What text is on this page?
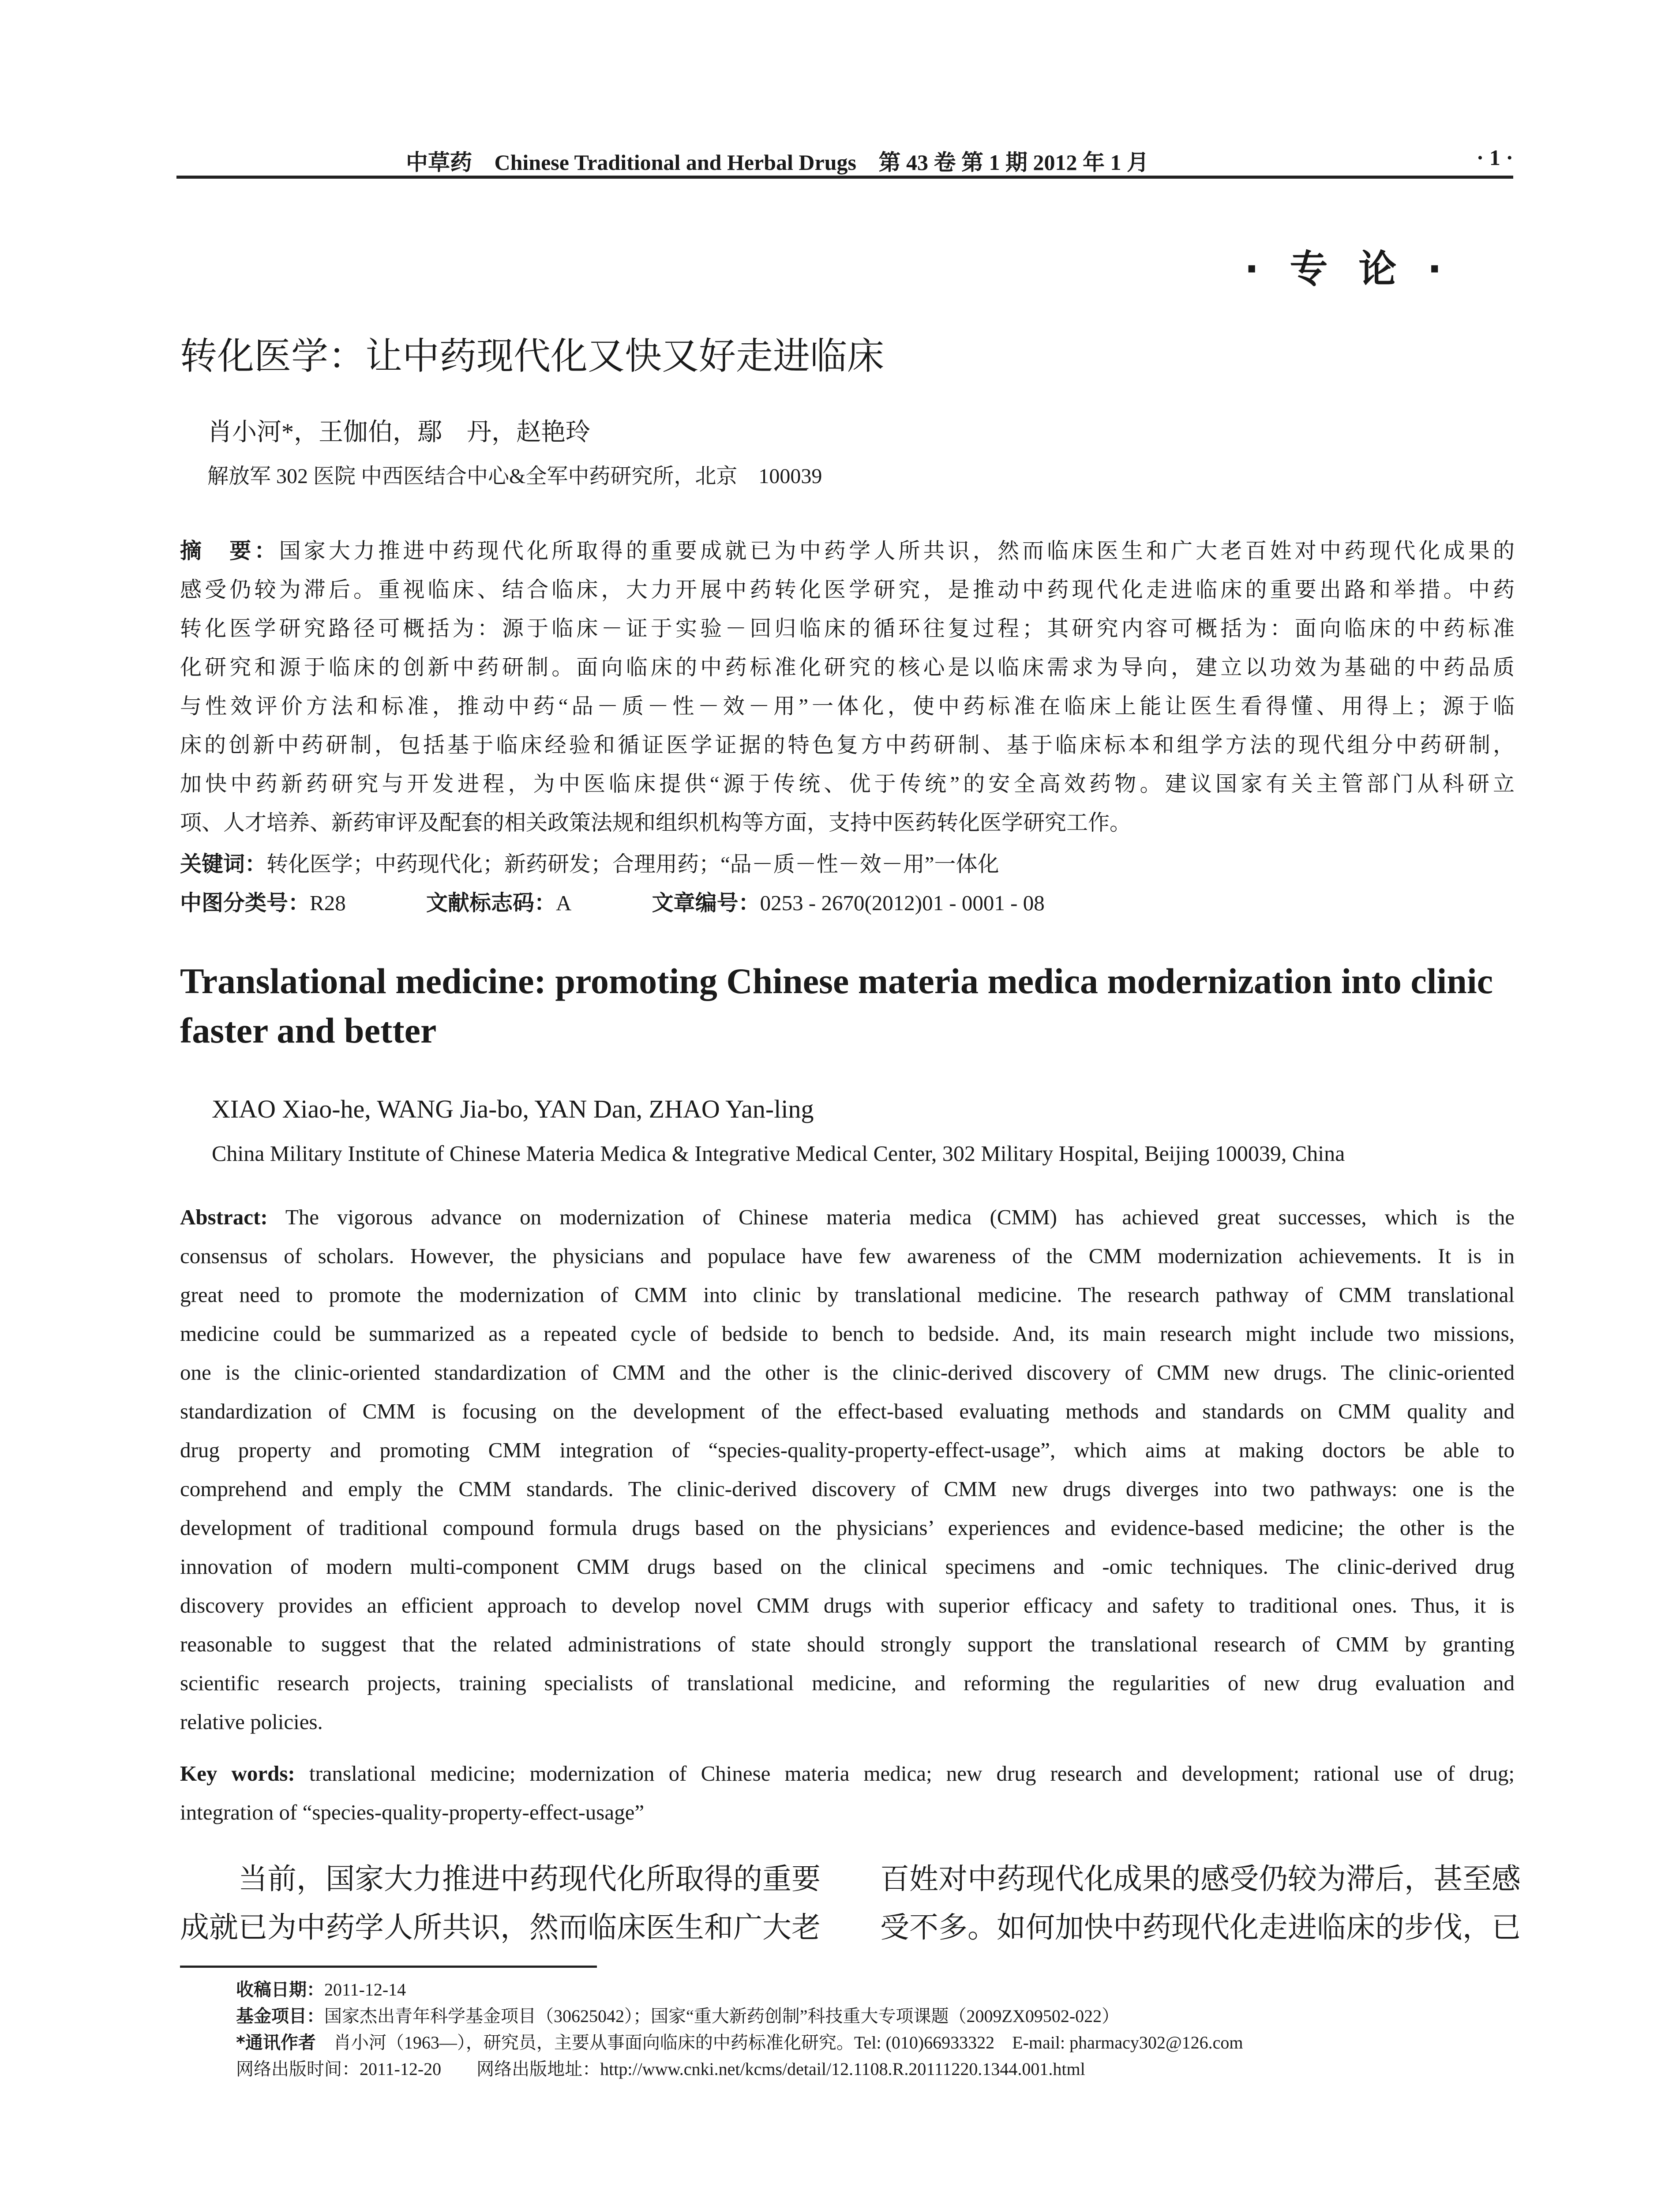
中草药 Chinese Traditional and Herbal Drugs 第 43 卷 第 1 期 2012 年 1 月	· 1 ·
· 专 论 ·
转化医学：让中药现代化又快又好走进临床
肖小河*，王伽伯，鄢　丹，赵艳玲
解放军 302 医院 中西医结合中心&全军中药研究所，北京　100039
摘　要：国家大力推进中药现代化所取得的重要成就已为中药学人所共识，然而临床医生和广大老百姓对中药现代化成果的
感受仍较为滞后。重视临床、结合临床，大力开展中药转化医学研究，是推动中药现代化走进临床的重要出路和举措。中药
转化医学研究路径可概括为：源于临床－证于实验－回归临床的循环往复过程；其研究内容可概括为：面向临床的中药标准
化研究和源于临床的创新中药研制。面向临床的中药标准化研究的核心是以临床需求为导向，建立以功效为基础的中药品质
与性效评价方法和标准，推动中药“品－质－性－效－用”一体化，使中药标准在临床上能让医生看得懂、用得上；源于临
床的创新中药研制，包括基于临床经验和循证医学证据的特色复方中药研制、基于临床标本和组学方法的现代组分中药研制，
加快中药新药研究与开发进程，为中医临床提供“源于传统、优于传统”的安全高效药物。建议国家有关主管部门从科研立
项、人才培养、新药审评及配套的相关政策法规和组织机构等方面，支持中医药转化医学研究工作。
关键词：转化医学；中药现代化；新药研发；合理用药；“品－质－性－效－用”一体化
中图分类号：R28	文献标志码：A	文章编号：0253 - 2670(2012)01 - 0001 - 08
Translational medicine: promoting Chinese materia medica modernization into clinic faster and better
XIAO Xiao-he, WANG Jia-bo, YAN Dan, ZHAO Yan-ling
China Military Institute of Chinese Materia Medica & Integrative Medical Center, 302 Military Hospital, Beijing 100039, China
Abstract: The vigorous advance on modernization of Chinese materia medica (CMM) has achieved great successes, which is the
consensus of scholars. However, the physicians and populace have few awareness of the CMM modernization achievements. It is in
great need to promote the modernization of CMM into clinic by translational medicine. The research pathway of CMM translational
medicine could be summarized as a repeated cycle of bedside to bench to bedside. And, its main research might include two missions,
one is the clinic-oriented standardization of CMM and the other is the clinic-derived discovery of CMM new drugs. The clinic-oriented
standardization of CMM is focusing on the development of the effect-based evaluating methods and standards on CMM quality and
drug property and promoting CMM integration of “species-quality-property-effect-usage”, which aims at making doctors be able to
comprehend and emply the CMM standards. The clinic-derived discovery of CMM new drugs diverges into two pathways: one is the
development of traditional compound formula drugs based on the physicians’ experiences and evidence-based medicine; the other is the
innovation of modern multi-component CMM drugs based on the clinical specimens and -omic techniques. The clinic-derived drug
discovery provides an efficient approach to develop novel CMM drugs with superior efficacy and safety to traditional ones. Thus, it is
reasonable to suggest that the related administrations of state should strongly support the translational research of CMM by granting
scientific research projects, training specialists of translational medicine, and reforming the regularities of new drug evaluation and
relative policies.
Key words: translational medicine; modernization of Chinese materia medica; new drug research and development; rational use of drug;
integration of “species-quality-property-effect-usage”
　　当前，国家大力推进中药现代化所取得的重要
成就已为中药学人所共识，然而临床医生和广大老
百姓对中药现代化成果的感受仍较为滞后，甚至感
受不多。如何加快中药现代化走进临床的步伐，已
收稿日期：2011-12-14
基金项目：国家杰出青年科学基金项目（30625042）；国家“重大新药创制”科技重大专项课题（2009ZX09502-022）
*通讯作者　 肖小河（1963—），研究员，主要从事面向临床的中药标准化研究。Tel: (010)66933322　E-mail: pharmacy302@126.com
网络出版时间：2011-12-20　　网络出版地址：http://www.cnki.net/kcms/detail/12.1108.R.20111220.1344.001.html
